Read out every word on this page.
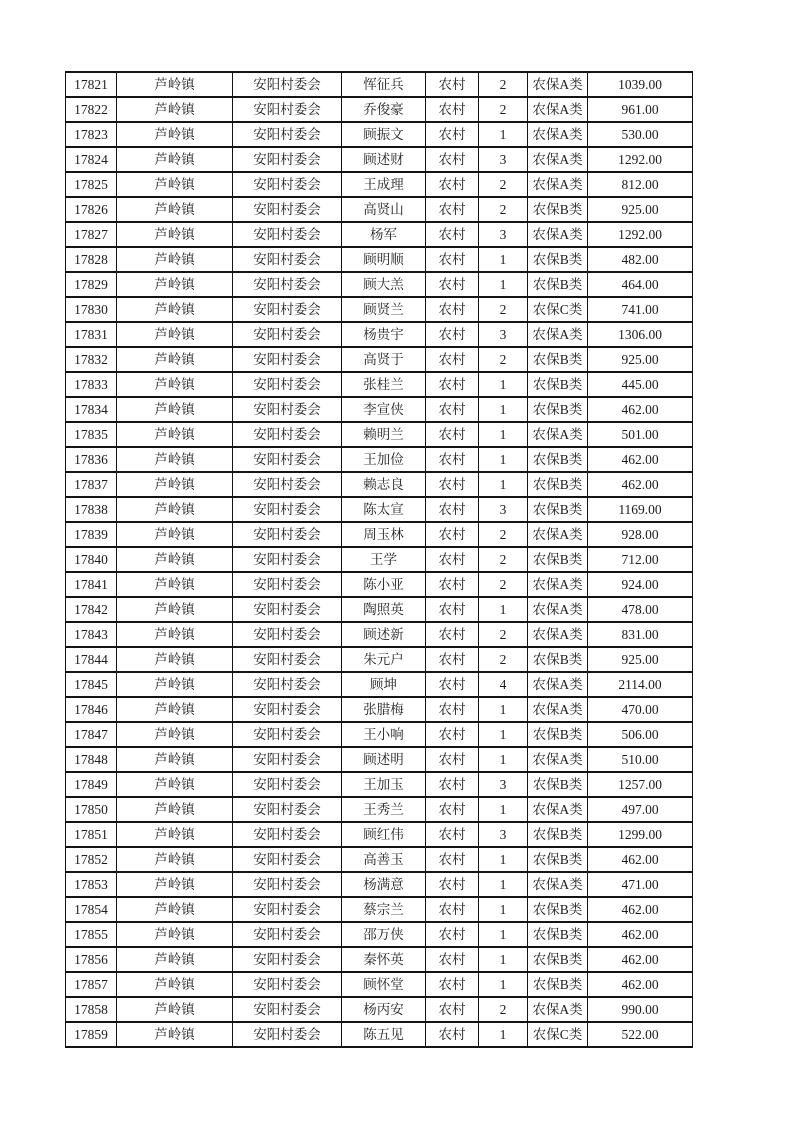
17821	芦岭镇	安阳村委会	恽征兵	农村	2	农保A类	1039.00
17822	芦岭镇	安阳村委会	乔俊豪	农村	2	农保A类	961.00
17823	芦岭镇	安阳村委会	顾振文	农村	1	农保A类	530.00
17824	芦岭镇	安阳村委会	顾述财	农村	3	农保A类	1292.00
17825	芦岭镇	安阳村委会	王成理	农村	2	农保A类	812.00
17826	芦岭镇	安阳村委会	高贤山	农村	2	农保B类	925.00
17827	芦岭镇	安阳村委会	杨军	农村	3	农保A类	1292.00
17828	芦岭镇	安阳村委会	顾明顺	农村	1	农保B类	482.00
17829	芦岭镇	安阳村委会	顾大羔	农村	1	农保B类	464.00
17830	芦岭镇	安阳村委会	顾贤兰	农村	2	农保C类	741.00
17831	芦岭镇	安阳村委会	杨贵宇	农村	3	农保A类	1306.00
17832	芦岭镇	安阳村委会	高贤于	农村	2	农保B类	925.00
17833	芦岭镇	安阳村委会	张桂兰	农村	1	农保B类	445.00
17834	芦岭镇	安阳村委会	李宣侠	农村	1	农保B类	462.00
17835	芦岭镇	安阳村委会	赖明兰	农村	1	农保A类	501.00
17836	芦岭镇	安阳村委会	王加俭	农村	1	农保B类	462.00
17837	芦岭镇	安阳村委会	赖志良	农村	1	农保B类	462.00
17838	芦岭镇	安阳村委会	陈太宣	农村	3	农保B类	1169.00
17839	芦岭镇	安阳村委会	周玉林	农村	2	农保A类	928.00
17840	芦岭镇	安阳村委会	王学	农村	2	农保B类	712.00
17841	芦岭镇	安阳村委会	陈小亚	农村	2	农保A类	924.00
17842	芦岭镇	安阳村委会	陶照英	农村	1	农保A类	478.00
17843	芦岭镇	安阳村委会	顾述新	农村	2	农保A类	831.00
17844	芦岭镇	安阳村委会	朱元户	农村	2	农保B类	925.00
17845	芦岭镇	安阳村委会	顾坤	农村	4	农保A类	2114.00
17846	芦岭镇	安阳村委会	张腊梅	农村	1	农保A类	470.00
17847	芦岭镇	安阳村委会	王小响	农村	1	农保B类	506.00
17848	芦岭镇	安阳村委会	顾述明	农村	1	农保A类	510.00
17849	芦岭镇	安阳村委会	王加玉	农村	3	农保B类	1257.00
17850	芦岭镇	安阳村委会	王秀兰	农村	1	农保A类	497.00
17851	芦岭镇	安阳村委会	顾红伟	农村	3	农保B类	1299.00
17852	芦岭镇	安阳村委会	高善玉	农村	1	农保B类	462.00
17853	芦岭镇	安阳村委会	杨满意	农村	1	农保A类	471.00
17854	芦岭镇	安阳村委会	蔡宗兰	农村	1	农保B类	462.00
17855	芦岭镇	安阳村委会	邵万侠	农村	1	农保B类	462.00
17856	芦岭镇	安阳村委会	秦怀英	农村	1	农保B类	462.00
17857	芦岭镇	安阳村委会	顾怀堂	农村	1	农保B类	462.00
17858	芦岭镇	安阳村委会	杨丙安	农村	2	农保A类	990.00
17859	芦岭镇	安阳村委会	陈五见	农村	1	农保C类	522.00
